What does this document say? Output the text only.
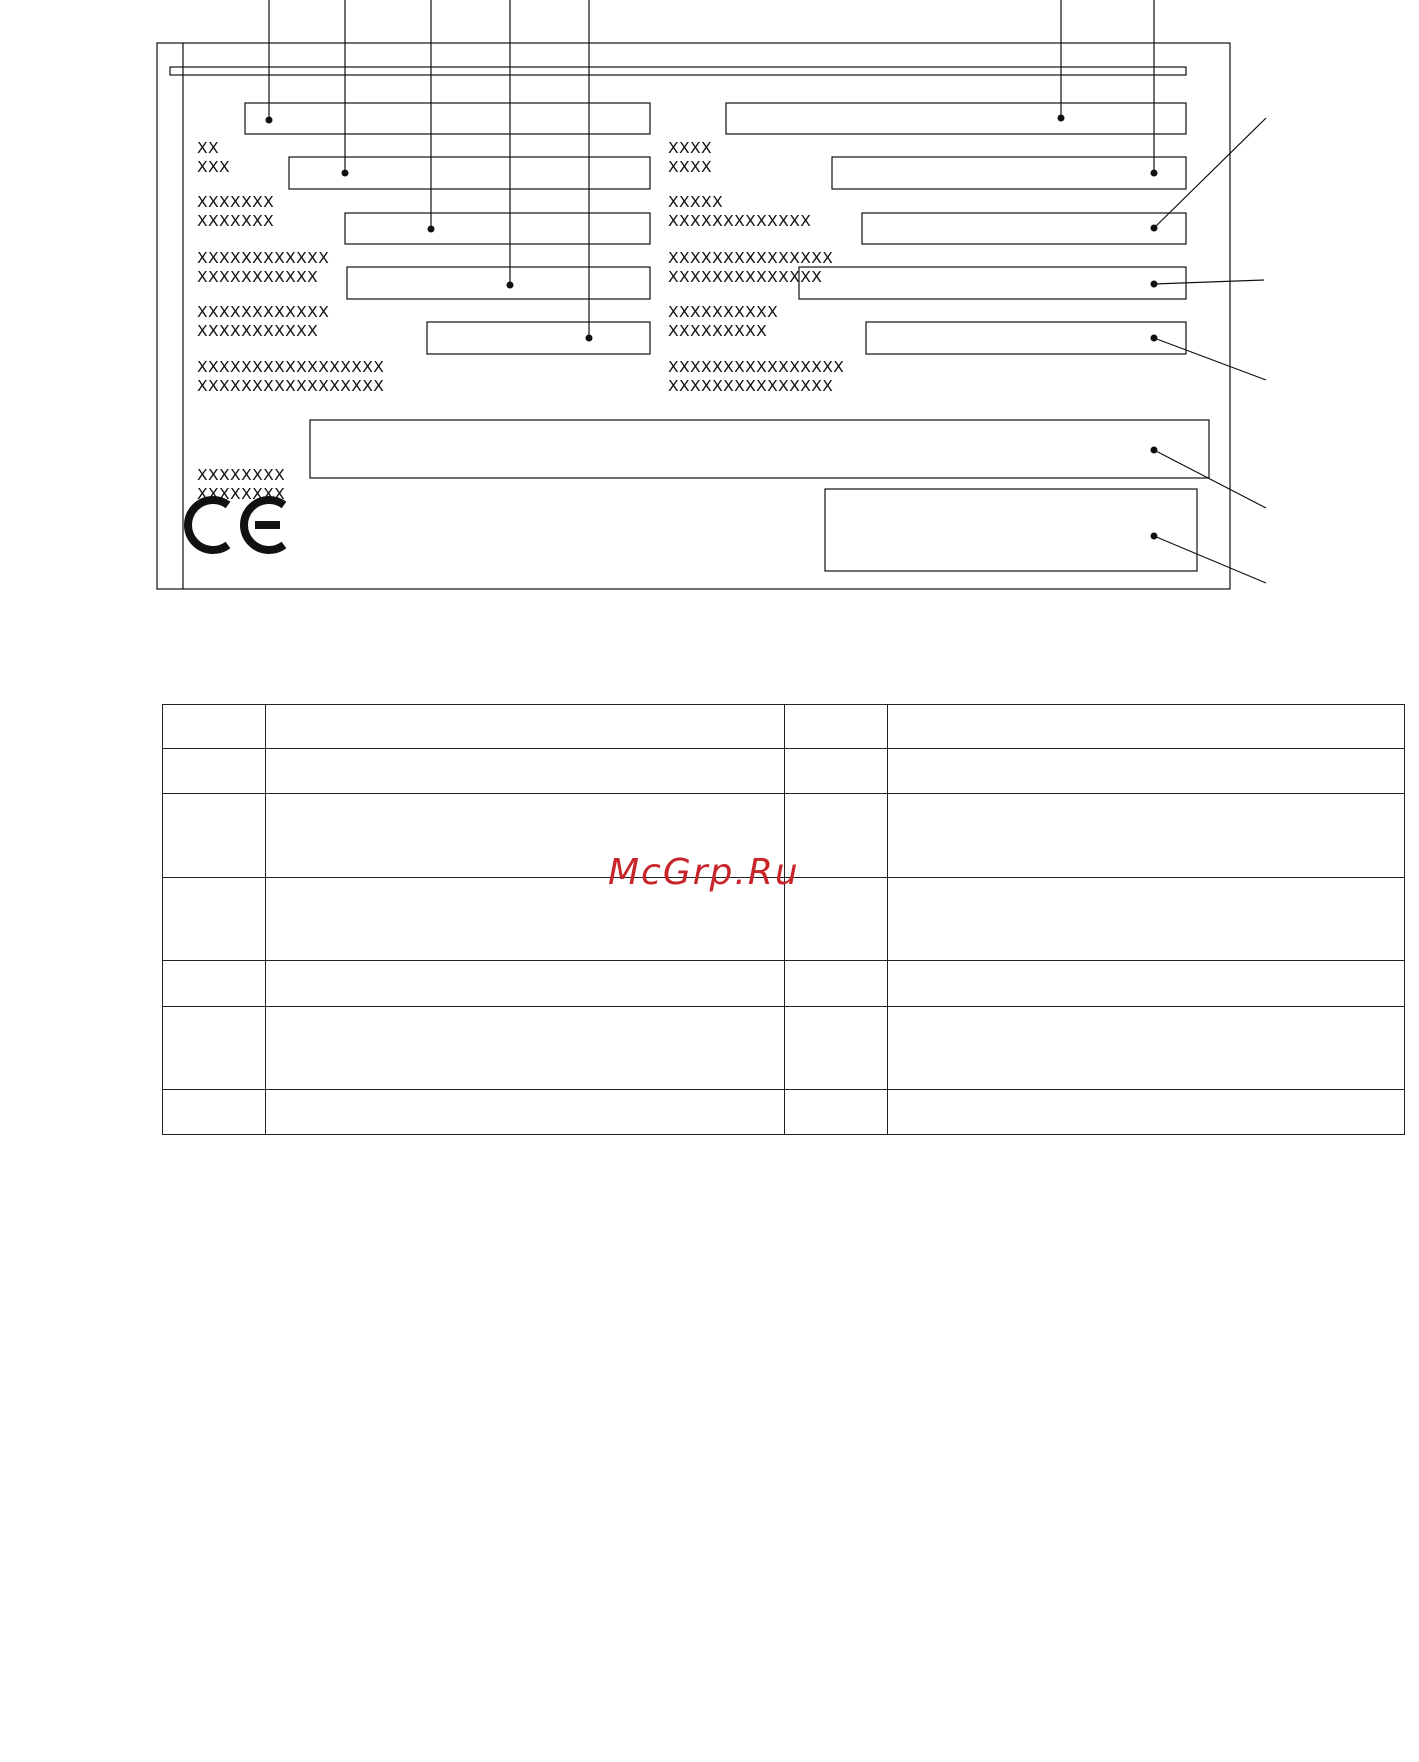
XX
XXX

XXXXXXX
XXXXXXX

XXXXXXXXXXXX
XXXXXXXXXXX

XXXXXXXXXXXX
XXXXXXXXXXX

XXXXXXXXXXXXXXXXX
XXXXXXXXXXXXXXXXX

XXXX
XXXX

XXXXX
XXXXXXXXXXXXX

XXXXXXXXXXXXXXX
XXXXXXXXXXXXXX

XXXXXXXXXX
XXXXXXXXX

XXXXXXXXXXXXXXXX
XXXXXXXXXXXXXXX

XXXXXXXX
XXXXXXXX

McGrp.Ru
